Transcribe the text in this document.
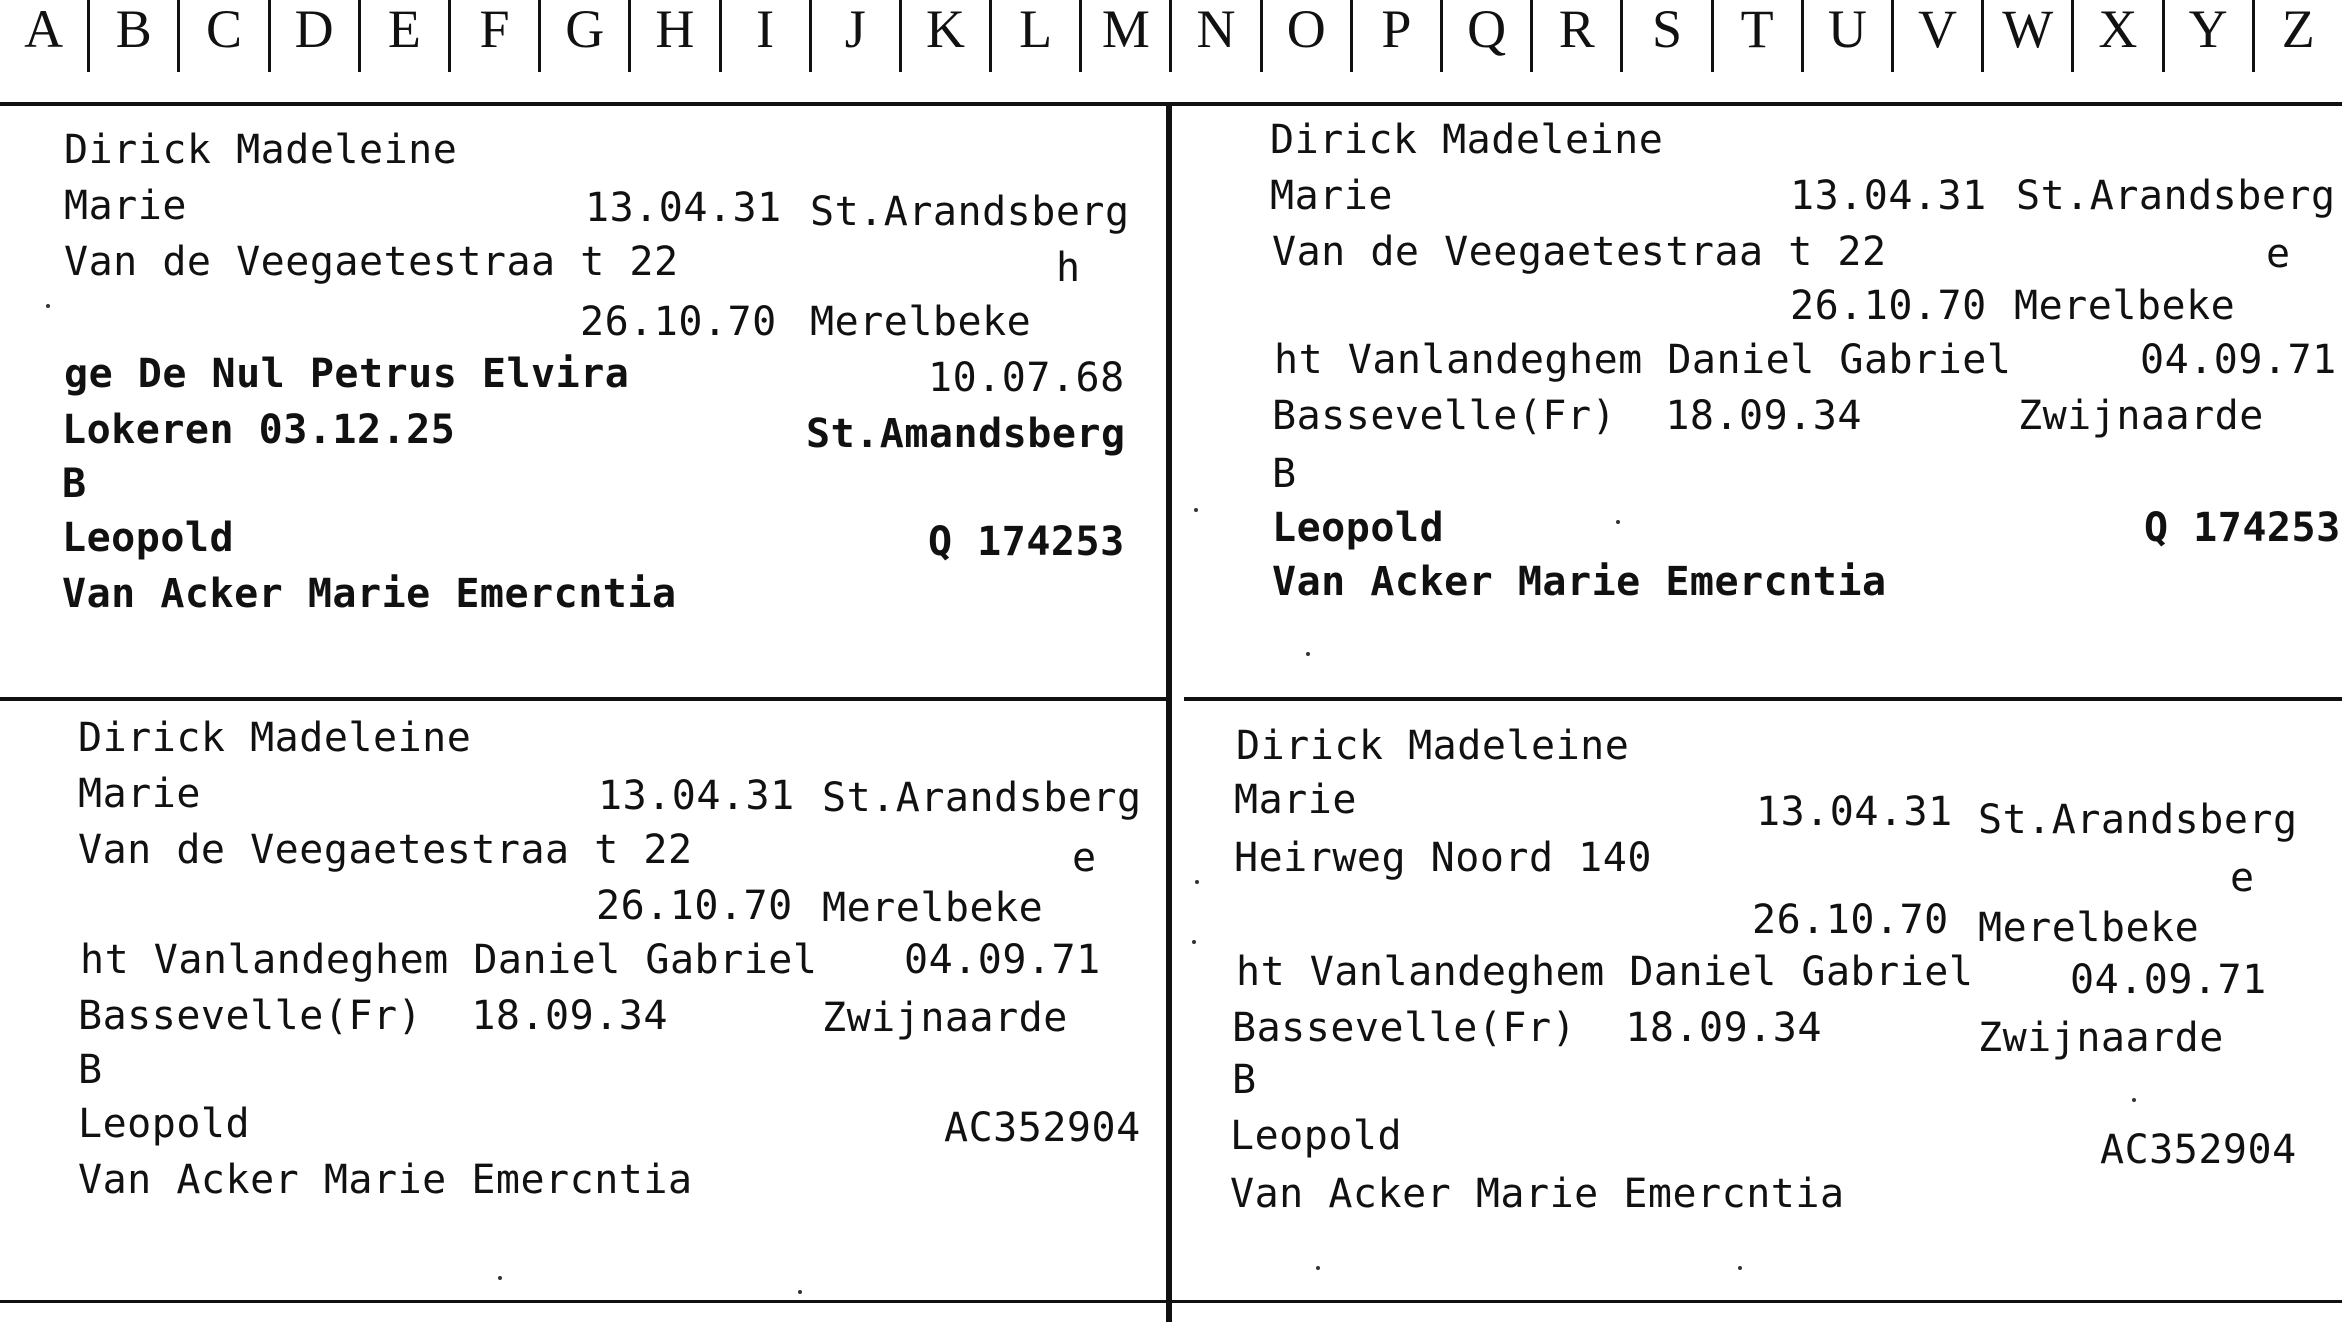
A B	C D	E	F	G H	I	J	K	L M N O	P	Q R	S	T	U V W X Y	Z
Dirick Madeleine
Marie	13.04.31 St.Arandsberg
Van de Veegaetestraa t 22	h
26.10.70 Merelbeke
ge De Nul Petrus Elvira	10.07.68
Lokeren 03.12.25	St.Amandsberg
B
Leopold	Q 174253
Van Acker Marie Emercntia
Dirick Madeleine
Marie	13.04.31 St.Arandsberg
Van de Veegaetestraa t 22	e
26.10.70 Merelbeke
ht Vanlandeghem Daniel Gabriel	04.09.71
Bassevelle(Fr)  18.09.34	Zwijnaarde
B
Leopold	Q 174253
Van Acker Marie Emercntia
Dirick Madeleine
Marie	13.04.31 St.Arandsberg
Van de Veegaetestraa t 22	e
26.10.70 Merelbeke
ht Vanlandeghem Daniel Gabriel 04.09.71
Bassevelle(Fr)  18.09.34	Zwijnaarde
B
Leopold	AC352904
Van Acker Marie Emercntia
Dirick Madeleine
Marie	13.04.31 St.Arandsberg
Heirweg Noord 140	e
26.10.70 Merelbeke
ht Vanlandeghem Daniel Gabriel 04.09.71
Bassevelle(Fr)  18.09.34	Zwijnaarde
B
Leopold	AC352904
Van Acker Marie Emercntia
